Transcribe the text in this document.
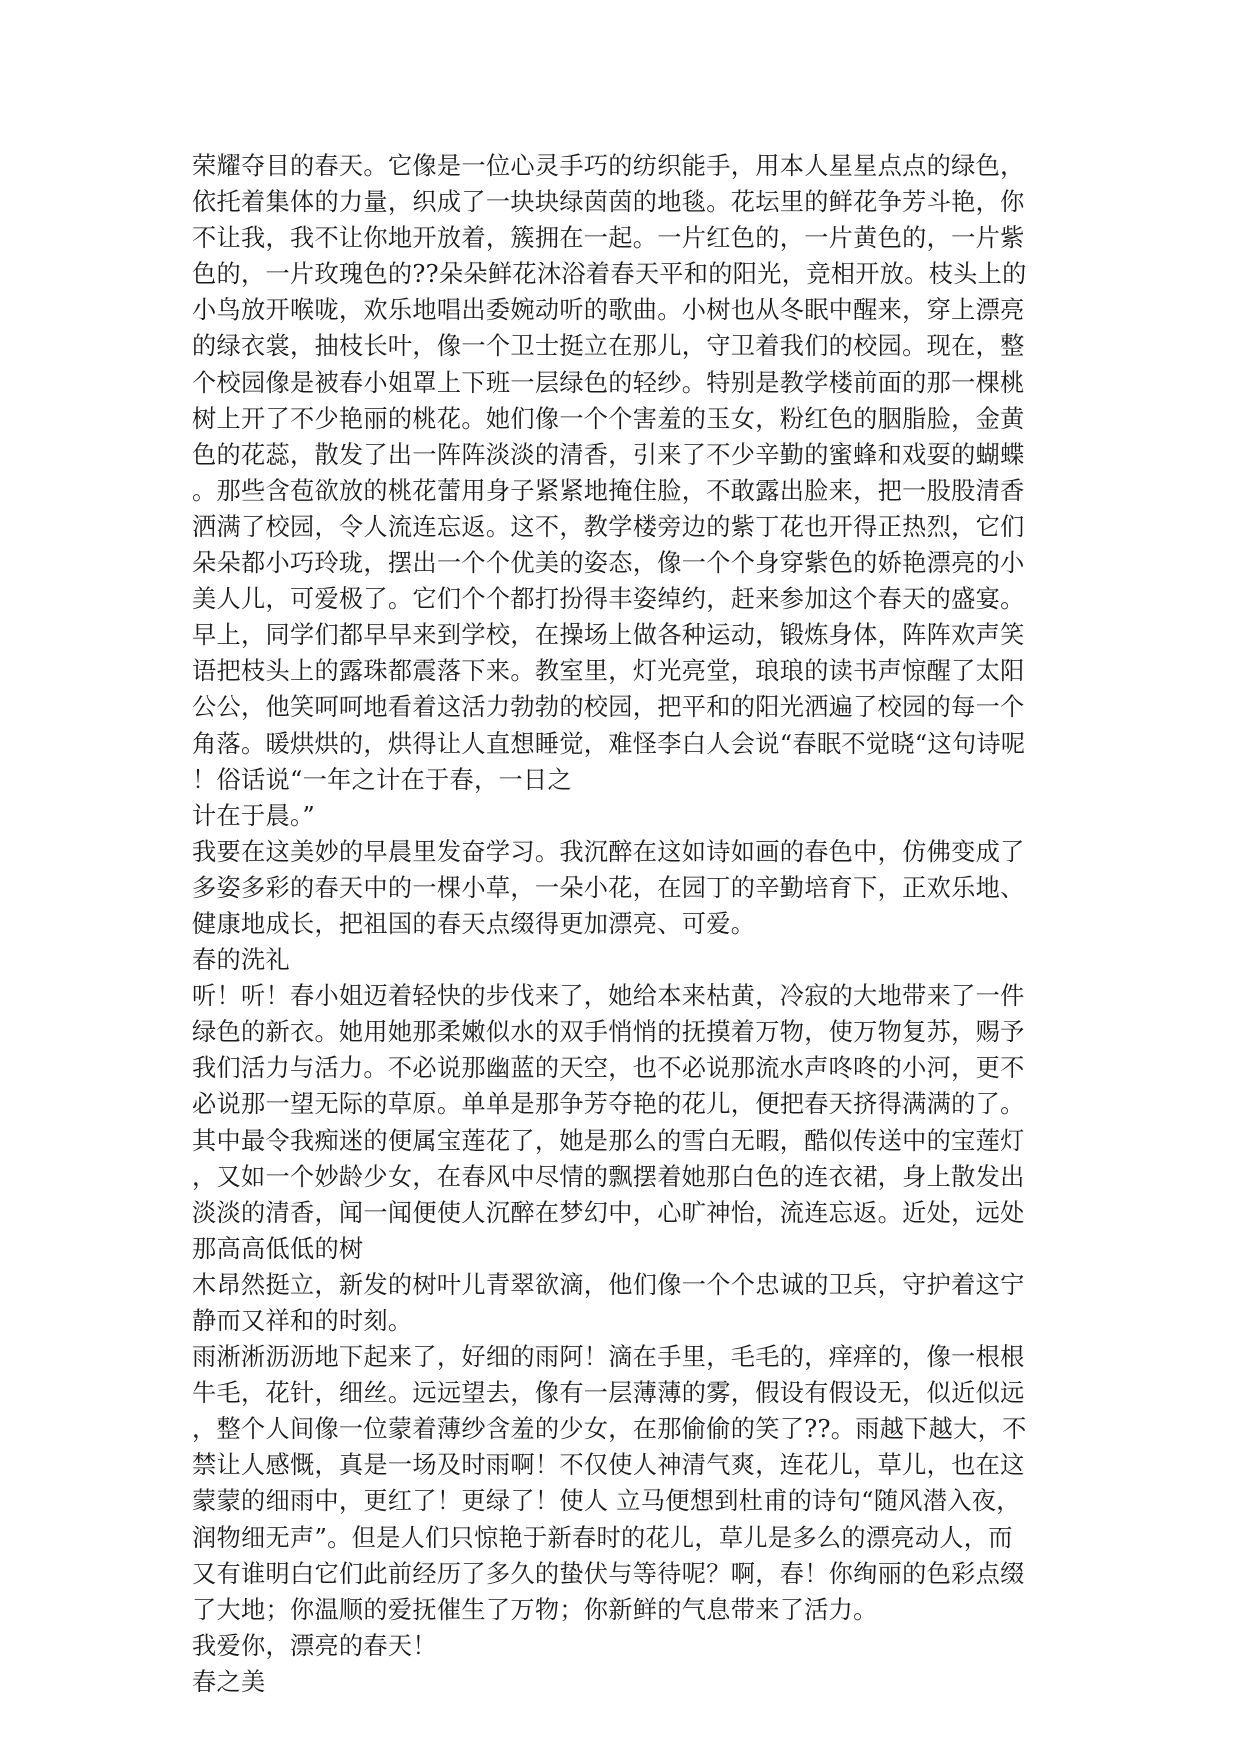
荣耀夺目的春天。它像是一位心灵手巧的纺织能手，用本人星星点点的绿色，
依托着集体的力量，织成了一块块绿茵茵的地毯。花坛里的鲜花争芳斗艳，你
不让我，我不让你地开放着，簇拥在一起。一片红色的，一片黄色的，一片紫
色的，一片玫瑰色的??朵朵鲜花沐浴着春天平和的阳光，竞相开放。枝头上的
小鸟放开喉咙，欢乐地唱出委婉动听的歌曲。小树也从冬眠中醒来，穿上漂亮
的绿衣裳，抽枝长叶，像一个卫士挺立在那儿，守卫着我们的校园。现在，整
个校园像是被春小姐罩上下班一层绿色的轻纱。特别是教学楼前面的那一棵桃
树上开了不少艳丽的桃花。她们像一个个害羞的玉女，粉红色的胭脂脸，金黄
色的花蕊，散发了出一阵阵淡淡的清香，引来了不少辛勤的蜜蜂和戏耍的蝴蝶
。那些含苞欲放的桃花蕾用身子紧紧地掩住脸，不敢露出脸来，把一股股清香
洒满了校园，令人流连忘返。这不，教学楼旁边的紫丁花也开得正热烈，它们
朵朵都小巧玲珑，摆出一个个优美的姿态，像一个个身穿紫色的娇艳漂亮的小
美人儿，可爱极了。它们个个都打扮得丰姿绰约，赶来参加这个春天的盛宴。
早上，同学们都早早来到学校，在操场上做各种运动，锻炼身体，阵阵欢声笑
语把枝头上的露珠都震落下来。教室里，灯光亮堂，琅琅的读书声惊醒了太阳
公公，他笑呵呵地看着这活力勃勃的校园，把平和的阳光洒遍了校园的每一个
角落。暖烘烘的，烘得让人直想睡觉，难怪李白人会说“春眠不觉晓“这句诗呢
！俗话说“一年之计在于春，一日之
计在于晨。”
我要在这美妙的早晨里发奋学习。我沉醉在这如诗如画的春色中，仿佛变成了
多姿多彩的春天中的一棵小草，一朵小花，在园丁的辛勤培育下，正欢乐地、
健康地成长，把祖国的春天点缀得更加漂亮、可爱。
春的洗礼
听！听！春小姐迈着轻快的步伐来了，她给本来枯黄，冷寂的大地带来了一件
绿色的新衣。她用她那柔嫩似水的双手悄悄的抚摸着万物，使万物复苏，赐予
我们活力与活力。不必说那幽蓝的天空，也不必说那流水声咚咚的小河，更不
必说那一望无际的草原。单单是那争芳夺艳的花儿，便把春天挤得满满的了。
其中最令我痴迷的便属宝莲花了，她是那么的雪白无暇，酷似传送中的宝莲灯
，又如一个妙龄少女，在春风中尽情的飘摆着她那白色的连衣裙，身上散发出
淡淡的清香，闻一闻便使人沉醉在梦幻中，心旷神怡，流连忘返。近处，远处
那高高低低的树
木昂然挺立，新发的树叶儿青翠欲滴，他们像一个个忠诚的卫兵，守护着这宁
静而又祥和的时刻。
雨淅淅沥沥地下起来了，好细的雨阿！滴在手里，毛毛的，痒痒的，像一根根
牛毛，花针，细丝。远远望去，像有一层薄薄的雾，假设有假设无，似近似远
，整个人间像一位蒙着薄纱含羞的少女，在那偷偷的笑了??。雨越下越大，不
禁让人感慨，真是一场及时雨啊！不仅使人神清气爽，连花儿，草儿，也在这
蒙蒙的细雨中，更红了！更绿了！使人 立马便想到杜甫的诗句“随风潜入夜，
润物细无声”。但是人们只惊艳于新春时的花儿，草儿是多么的漂亮动人，而
又有谁明白它们此前经历了多久的蛰伏与等待呢？啊，春！你绚丽的色彩点缀
了大地；你温顺的爱抚催生了万物；你新鲜的气息带来了活力。
我爱你，漂亮的春天！
春之美
